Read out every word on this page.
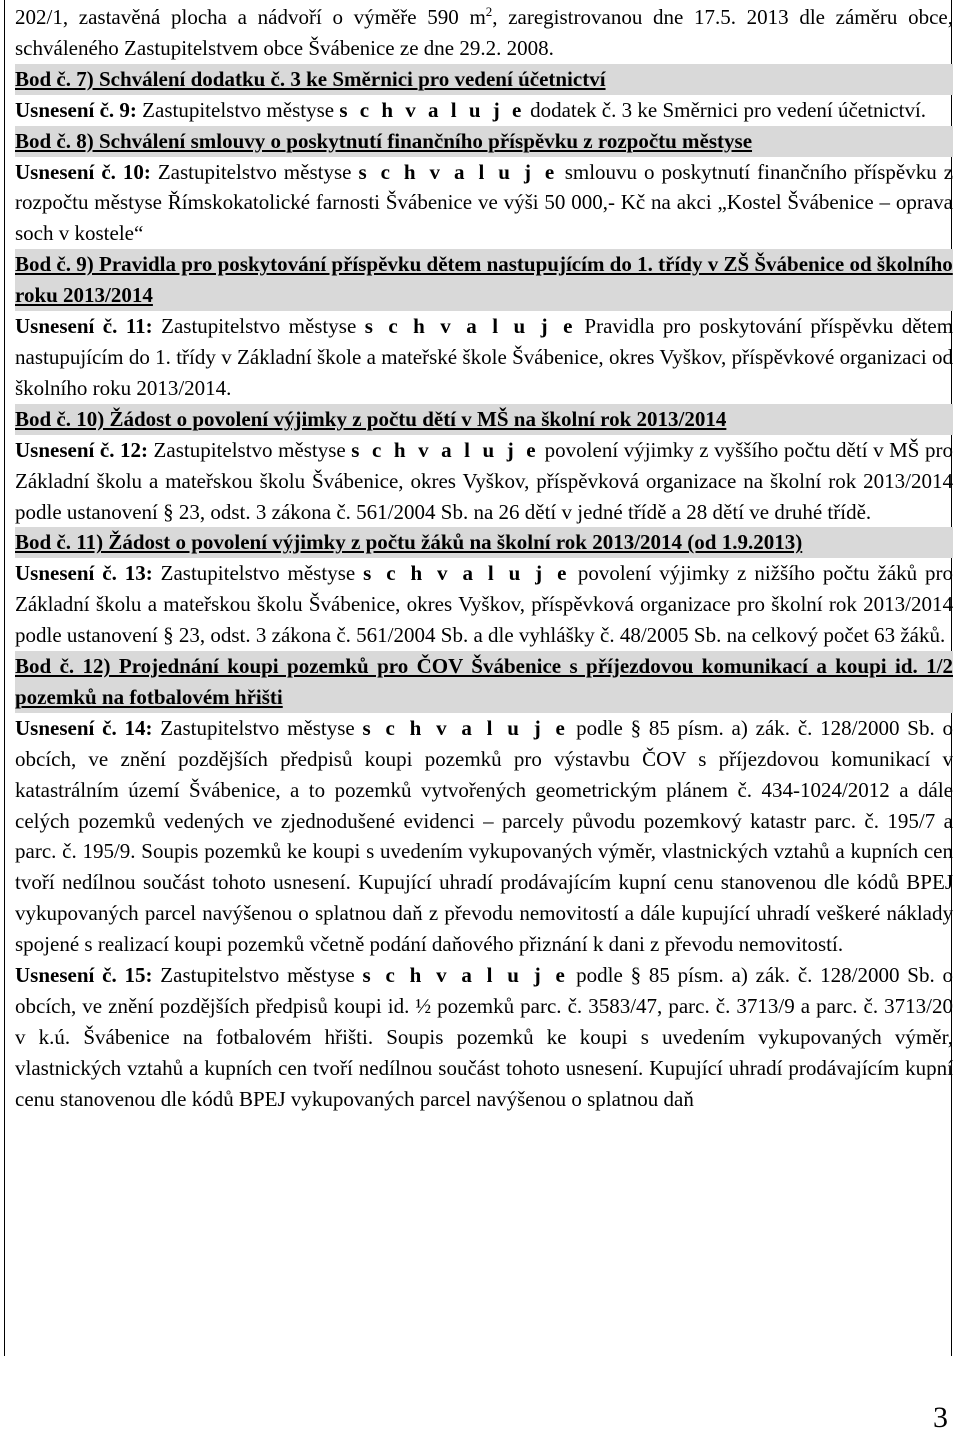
202/1, zastavěná plocha a nádvoří o výměře 590 $m^2$, zaregistrovanou dne 17.5. 2013 dle záměru obce, schváleného Zastupitelstvem obce Švábenice ze dne 29.2. 2008.

Bod č. 7) Schválení dodatku č. 3 ke Směrnici pro vedení účetnictví

Usnesení č. 9: Zastupitelstvo městyse s c h v a l u j e dodatek č. 3 ke Směrnici pro vedení účetnictví.

Bod č. 8) Schválení smlouvy o poskytnutí finančního příspěvku z rozpočtu městyse

Usnesení č. 10: Zastupitelstvo městyse s c h v a l u j e smlouvu o poskytnutí finančního příspěvku z rozpočtu městyse Římskokatolické farnosti Švábenice ve výši 50 000,- Kč na akci „Kostel Švábenice – oprava soch v kostele“

Bod č. 9) Pravidla pro poskytování příspěvku dětem nastupujícím do 1. třídy v ZŠ Švábenice od školního roku 2013/2014

Usnesení č. 11: Zastupitelstvo městyse s c h v a l u j e Pravidla pro poskytování příspěvku dětem nastupujícím do 1. třídy v Základní škole a mateřské škole Švábenice, okres Vyškov, příspěvkové organizaci od školního roku 2013/2014.

Bod č. 10) Žádost o povolení výjimky z počtu dětí v MŠ na školní rok 2013/2014

Usnesení č. 12: Zastupitelstvo městyse s c h v a l u j e povolení výjimky z vyššího počtu dětí v MŠ pro Základní školu a mateřskou školu Švábenice, okres Vyškov, příspěvková organizace na školní rok 2013/2014 podle ustanovení § 23, odst. 3 zákona č. 561/2004 Sb. na 26 dětí v jedné třídě a 28 dětí ve druhé třídě.

Bod č. 11) Žádost o povolení výjimky z počtu žáků na školní rok 2013/2014 (od 1.9.2013)

Usnesení č. 13: Zastupitelstvo městyse s c h v a l u j e povolení výjimky z nižšího počtu žáků pro Základní školu a mateřskou školu Švábenice, okres Vyškov, příspěvková organizace pro školní rok 2013/2014 podle ustanovení § 23, odst. 3 zákona č. 561/2004 Sb. a dle vyhlášky č. 48/2005 Sb. na celkový počet 63 žáků.

Bod č. 12) Projednání koupi pozemků pro ČOV Švábenice s příjezdovou komunikací a koupi id. 1/2 pozemků na fotbalovém hřišti

Usnesení č. 14: Zastupitelstvo městyse s c h v a l u j e podle § 85 písm. a) zák. č. 128/2000 Sb. o obcích, ve znění pozdějších předpisů koupi pozemků pro výstavbu ČOV s příjezdovou komunikací v katastrálním území Švábenice, a to pozemků vytvořených geometrickým plánem č. 434-1024/2012 a dále celých pozemků vedených ve zjednodušené evidenci – parcely původu pozemkový katastr parc. č. 195/7 a parc. č. 195/9. Soupis pozemků ke koupi s uvedením vykupovaných výměr, vlastnických vztahů a kupních cen tvoří nedílnou součást tohoto usnesení. Kupující uhradí prodávajícím kupní cenu stanovenou dle kódů BPEJ vykupovaných parcel navýšenou o splatnou daň z převodu nemovitostí a dále kupující uhradí veškeré náklady spojené s realizací koupi pozemků včetně podání daňového přiznání k dani z převodu nemovitostí.

Usnesení č. 15: Zastupitelstvo městyse s c h v a l u j e podle § 85 písm. a) zák. č. 128/2000 Sb. o obcích, ve znění pozdějších předpisů koupi id. ½ pozemků parc. č. 3583/47, parc. č. 3713/9 a parc. č. 3713/20 v k.ú. Švábenice na fotbalovém hřišti. Soupis pozemků ke koupi s uvedením vykupovaných výměr, vlastnických vztahů a kupních cen tvoří nedílnou součást tohoto usnesení. Kupující uhradí prodávajícím kupní cenu stanovenou dle kódů BPEJ vykupovaných parcel navýšenou o splatnou daň

3
